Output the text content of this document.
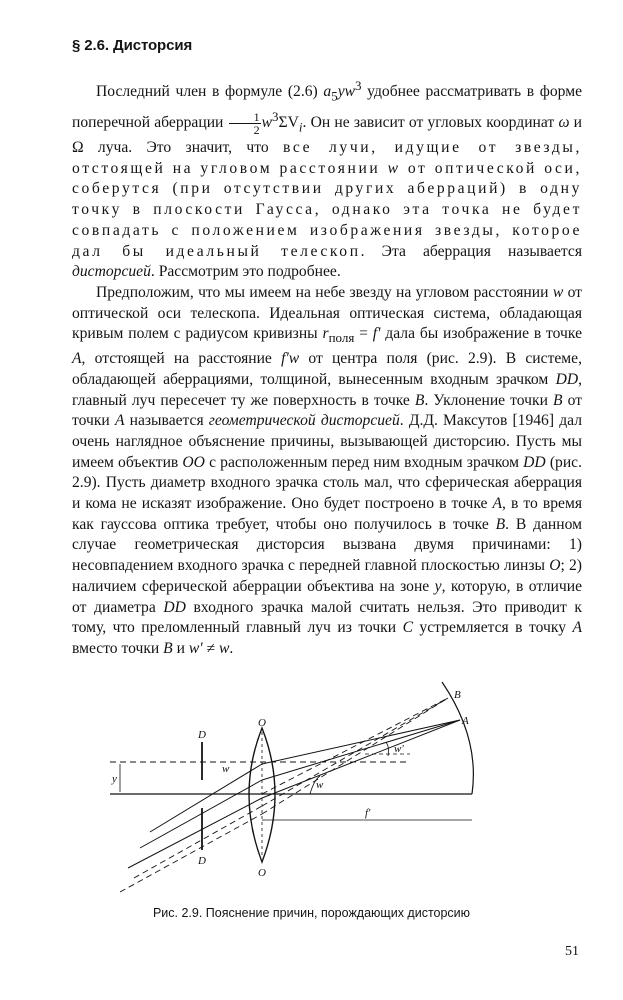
§ 2.6. Дисторсия

Последний член в формуле (2.6) $a_5yw^3$ удобнее рассматривать в форме поперечной аберрации $\frac{1}{2} w^3\Sigma V_i$. Он не зависит от угловых координат ω и Ω луча. Это значит, что все лучи, идущие от звезды, отстоящей на угловом расстоянии w от оптической оси, соберутся (при отсутствии других аберраций) в одну точку в плоскости Гаусса, однако эта точка не будет совпадать с положением изображения звезды, которое дал бы идеальный телескоп. Эта аберрация называется дисторсией. Рассмотрим это подробнее.

Предположим, что мы имеем на небе звезду на угловом расстоянии w от оптической оси телескопа. Идеальная оптическая система, обладающая кривым полем с радиусом кривизны $r_{поля} = f'$ дала бы изображение в точке A, отстоящей на расстояние f'w от центра поля (рис. 2.9). В системе, обладающей аберрациями, толщиной, вынесенным входным зрачком DD, главный луч пересечет ту же поверхность в точке B. Уклонение точки B от точки A называется геометрической дисторсией. Д.Д. Максутов [1946] дал очень наглядное объяснение причины, вызывающей дисторсию. Пусть мы имеем объектив OO с расположенным перед ним входным зрачком DD (рис. 2.9). Пусть диаметр входного зрачка столь мал, что сферическая аберрация и кома не исказят изображение. Оно будет построено в точке A, в то время как гауссова оптика требует, чтобы оно получилось в точке B. В данном случае геометрическая дисторсия вызвана двумя причинами: 1) несовпадением входного зрачка с передней главной плоскостью линзы O; 2) наличием сферической аберрации объектива на зоне y, которую, в отличие от диаметра DD входного зрачка малой считать нельзя. Это приводит к тому, что преломленный главный луч из точки C устремляется в точку A вместо точки B и w' ≠ w.

B
A
D
D
O
O
y
w
w
w'
f'
Рис. 2.9. Пояснение причин, порождающих дисторсию
51
